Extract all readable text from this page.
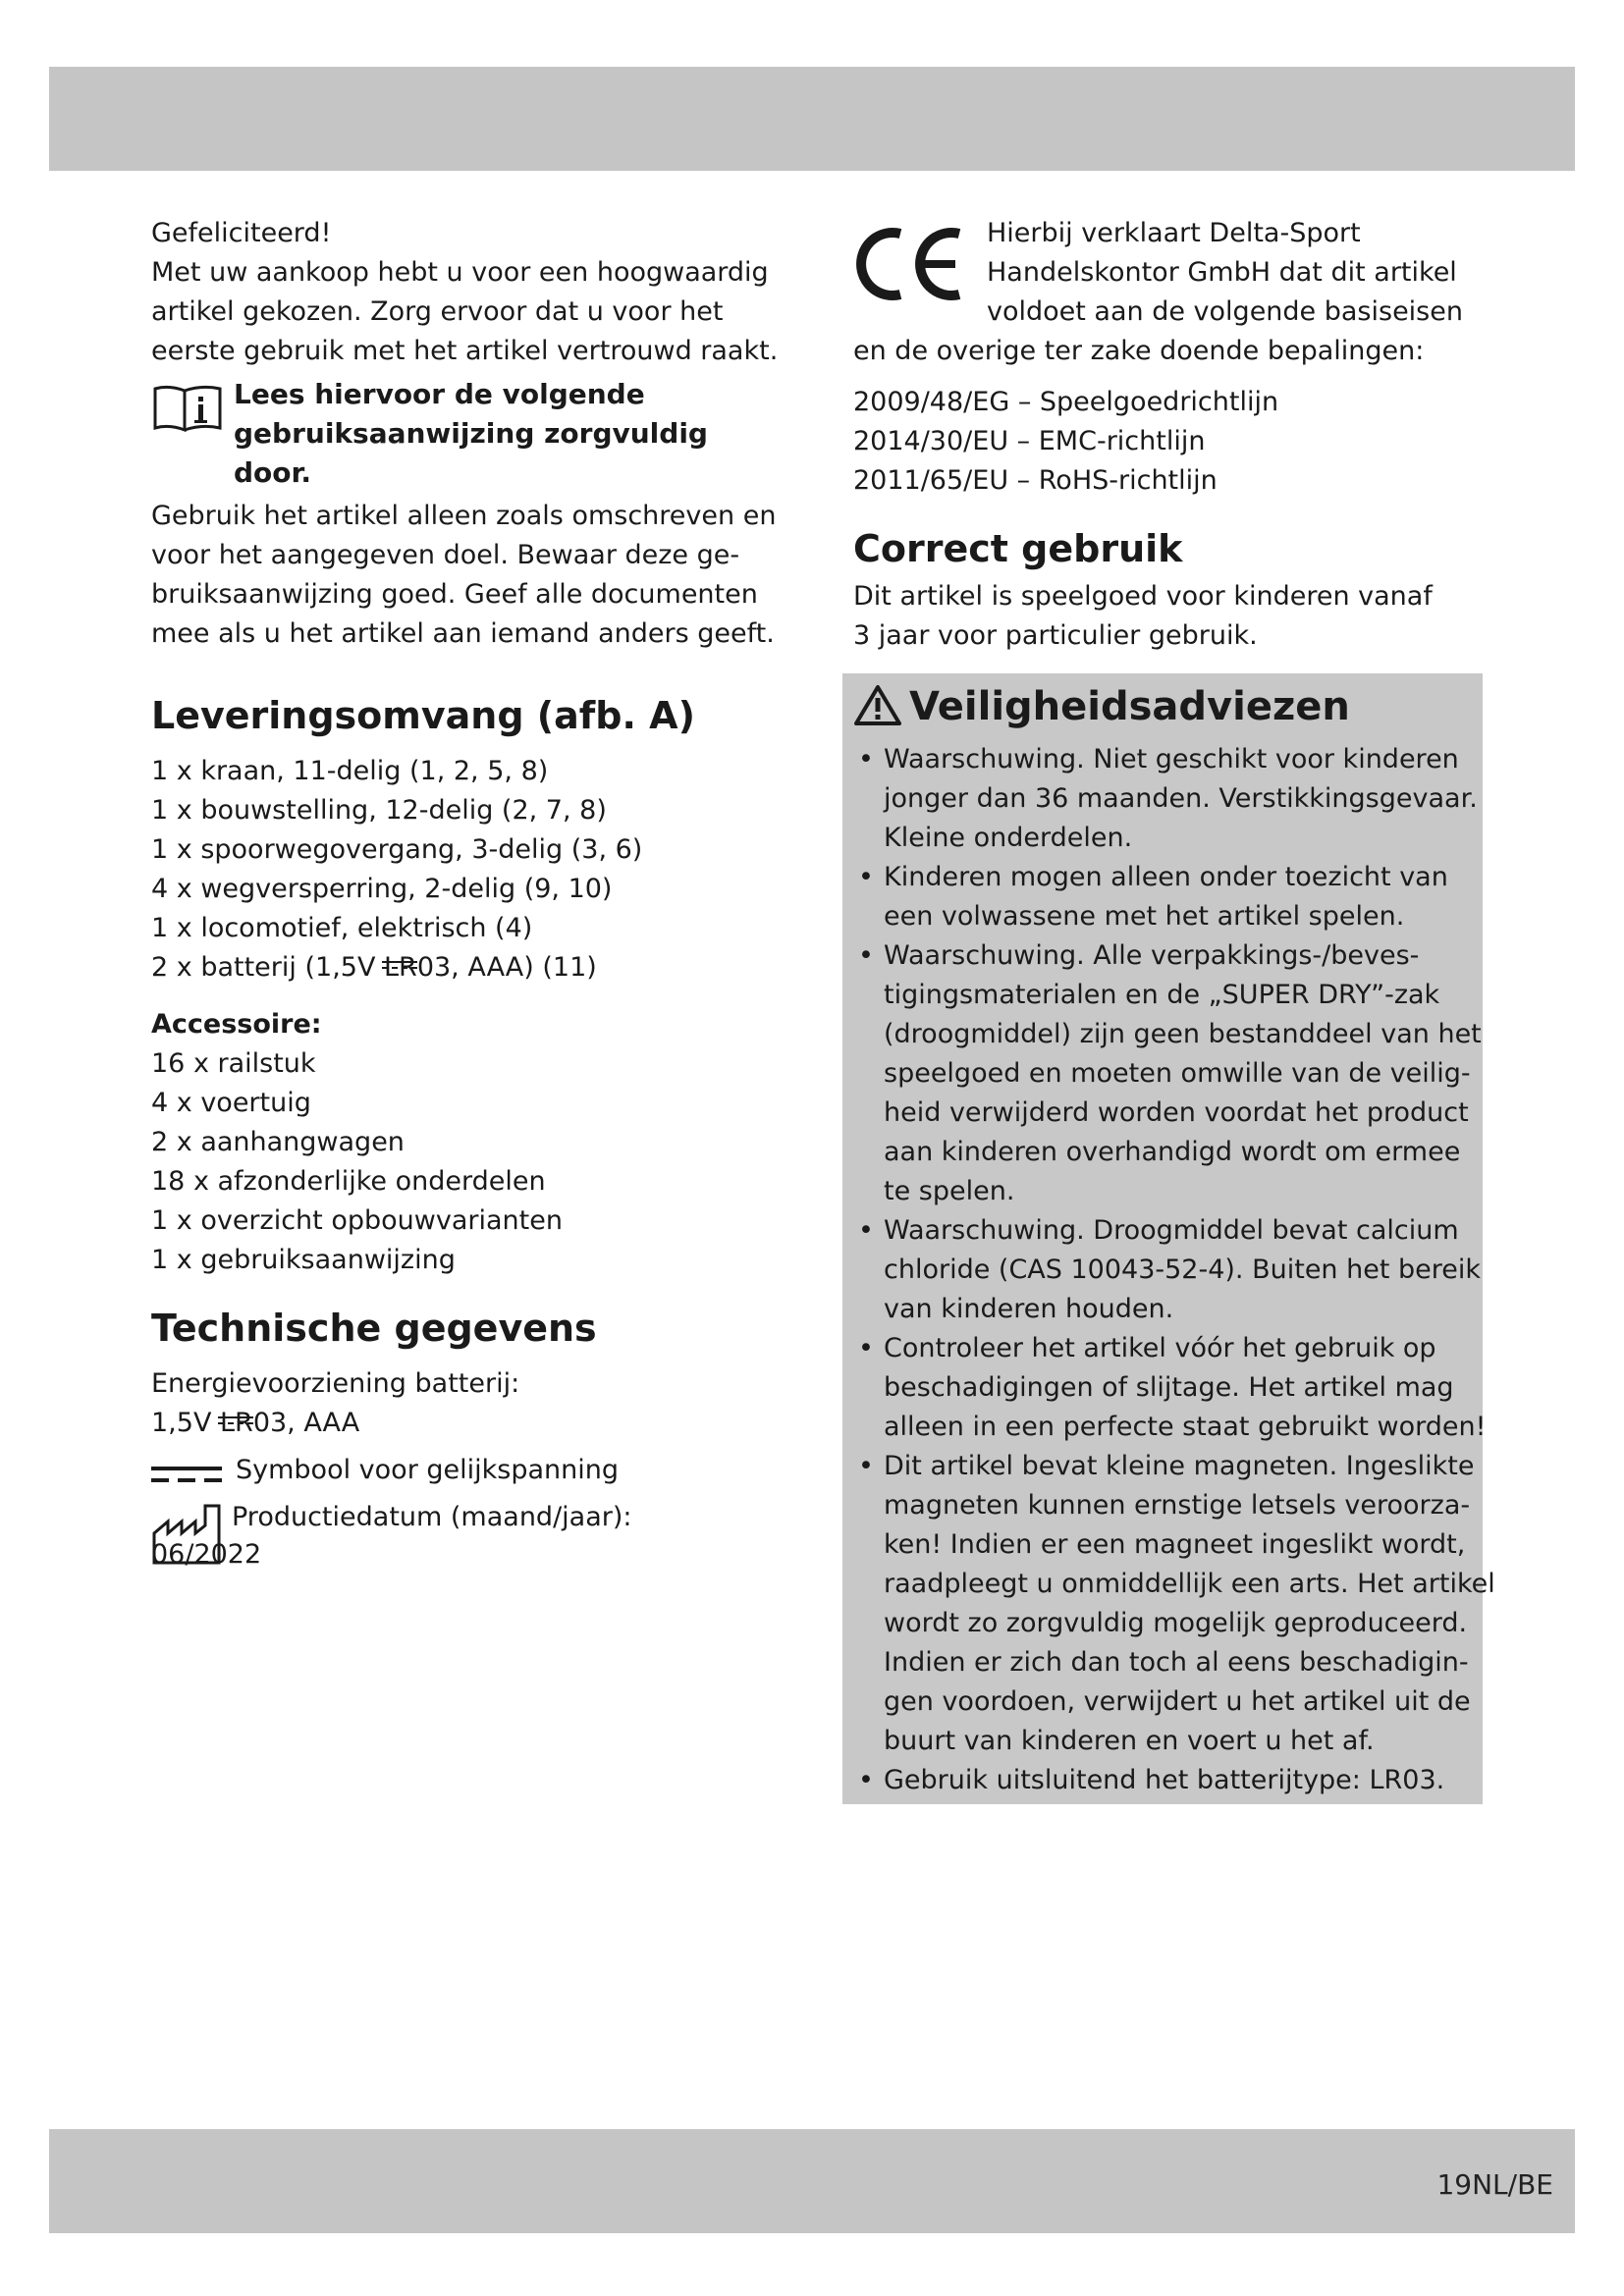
Gefeliciteerd!
Met uw aankoop hebt u voor een hoogwaardig
artikel gekozen. Zorg ervoor dat u voor het
eerste gebruik met het artikel vertrouwd raakt.
Lees hiervoor de volgende
gebruiksaanwijzing zorgvuldig
door.
Gebruik het artikel alleen zoals omschreven en
voor het aangegeven doel. Bewaar deze ge-
bruiksaanwijzing goed. Geef alle documenten
mee als u het artikel aan iemand anders geeft.
Leveringsomvang (afb. A)
1 x kraan, 11-delig (1, 2, 5, 8)
1 x bouwstelling, 12-delig (2, 7, 8)
1 x spoorwegovergang, 3-delig (3, 6)
4 x wegversperring, 2-delig (9, 10)
1 x locomotief, elektrisch (4)
2 x batterij (1,5V
LR03, AAA) (11)
Accessoire:
16 x railstuk
4 x voertuig
2 x aanhangwagen
18 x afzonderlijke onderdelen
1 x overzicht opbouwvarianten
1 x gebruiksaanwijzing
Technische gegevens
Energievoorziening batterij:
1,5V
LR03, AAA
Symbool voor gelijkspanning
Productiedatum (maand/jaar):
06/2022
Hierbij verklaart Delta-Sport
Handelskontor GmbH dat dit artikel
voldoet aan de volgende basiseisen
en de overige ter zake doende bepalingen:
2009/48/EG – Speelgoedrichtlijn
2014/30/EU – EMC-richtlijn
2011/65/EU – RoHS-richtlijn
Correct gebruik
Dit artikel is speelgoed voor kinderen vanaf
3 jaar voor particulier gebruik.
Veiligheidsadviezen
• Waarschuwing. Niet geschikt voor kinderen
jonger dan 36 maanden. Verstikkingsgevaar.
Kleine onderdelen.
• Kinderen mogen alleen onder toezicht van
een volwassene met het artikel spelen.
• Waarschuwing. Alle verpakkings-/beves-
tigingsmaterialen en de „SUPER DRY”-zak
(droogmiddel) zijn geen bestanddeel van het
speelgoed en moeten omwille van de veilig-
heid verwijderd worden voordat het product
aan kinderen overhandigd wordt om ermee
te spelen.
• Waarschuwing. Droogmiddel bevat calcium
chloride (CAS 10043-52-4). Buiten het bereik
van kinderen houden.
• Controleer het artikel vóór het gebruik op
beschadigingen of slijtage. Het artikel mag
alleen in een perfecte staat gebruikt worden!
• Dit artikel bevat kleine magneten. Ingeslikte
magneten kunnen ernstige letsels veroorza-
ken! Indien er een magneet ingeslikt wordt,
raadpleegt u onmiddellijk een arts. Het artikel
wordt zo zorgvuldig mogelijk geproduceerd.
Indien er zich dan toch al eens beschadigin-
gen voordoen, verwijdert u het artikel uit de
buurt van kinderen en voert u het af.
• Gebruik uitsluitend het batterijtype: LR03.
19NL/BE
